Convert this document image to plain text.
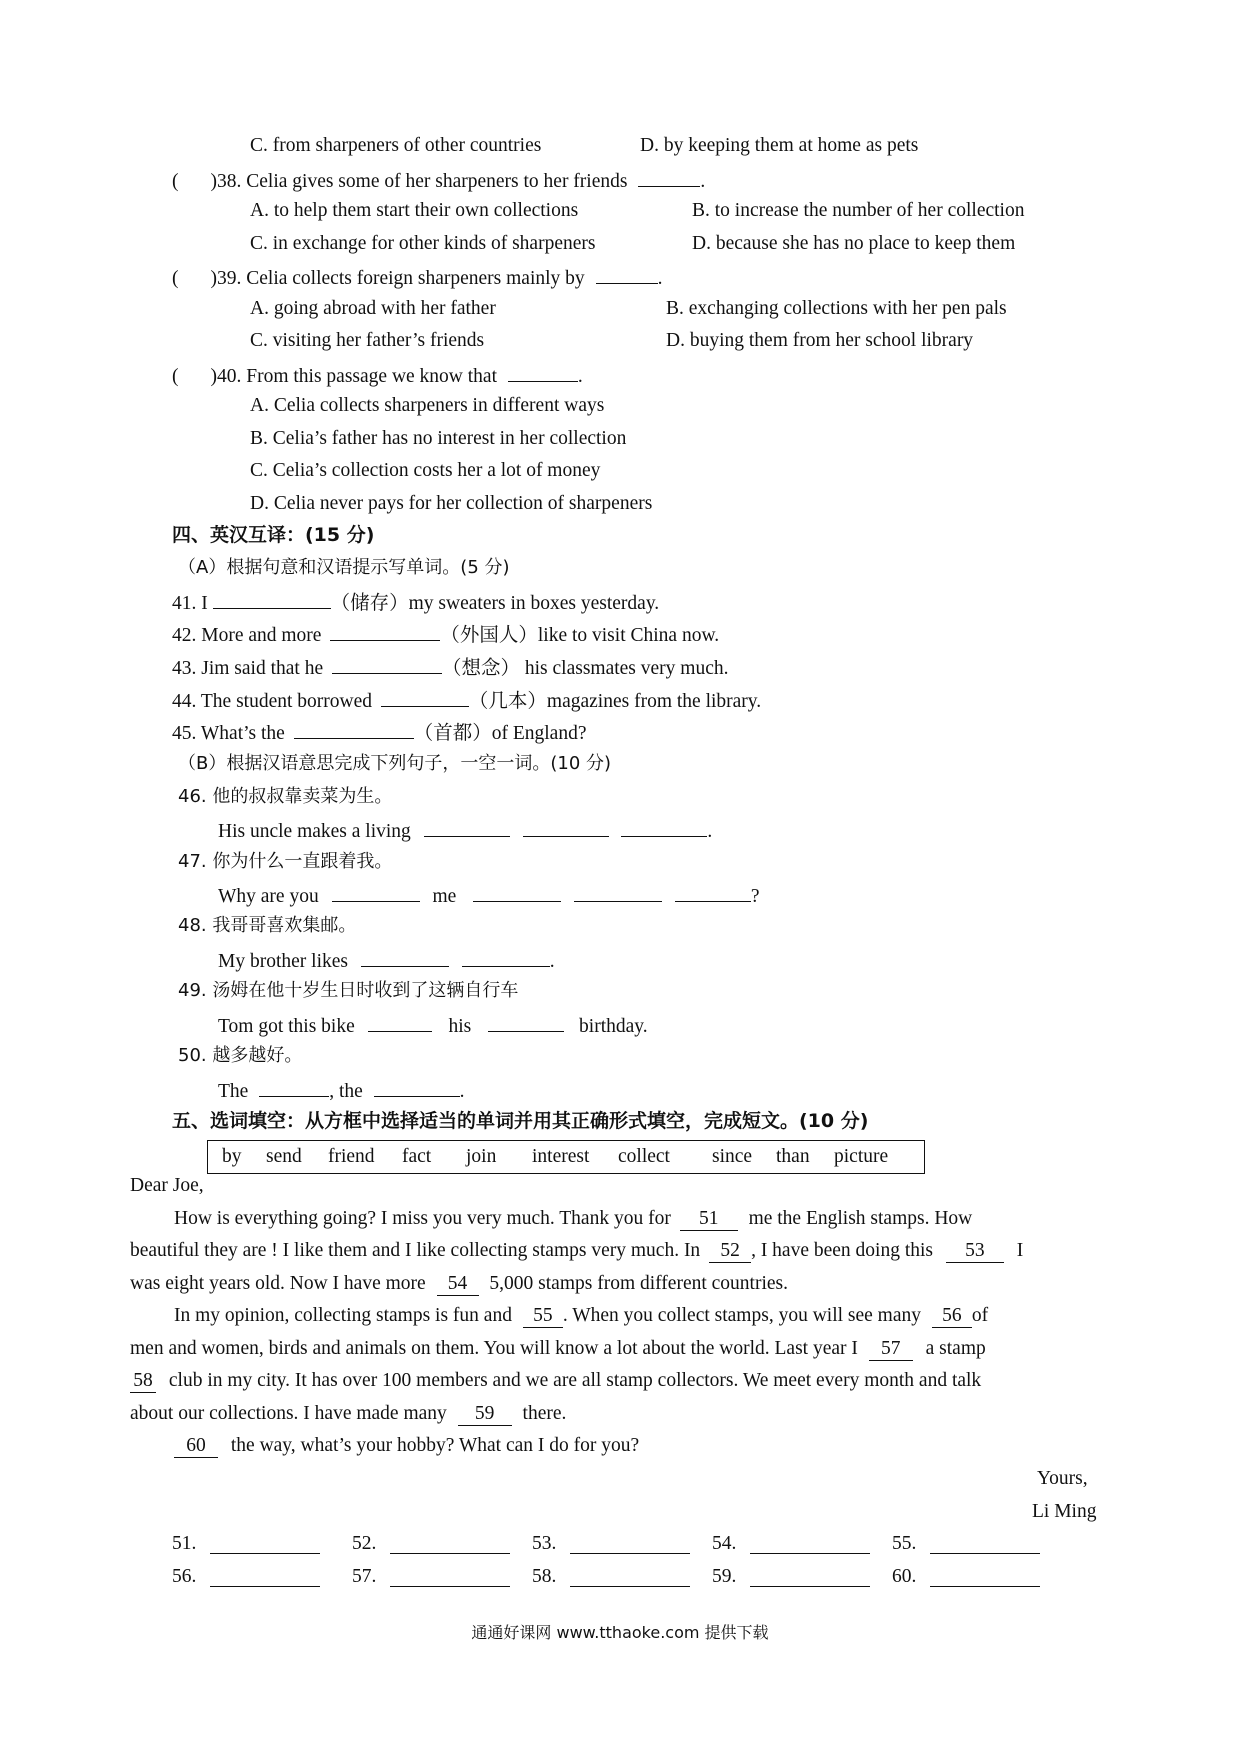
C. from sharpeners of other countries	D. by keeping them at home as pets
( )38. Celia gives some of her sharpeners to her friends	.
A. to help them start their own collections	B. to increase the number of her collection
C. in exchange for other kinds of sharpeners	D. because she has no place to keep them
( )39. Celia collects foreign sharpeners mainly by	.
A. going abroad with her father	B. exchanging collections with her pen pals
C. visiting her father’s friends	D. buying them from her school library
( )40. From this passage we know that	.
A. Celia collects sharpeners in different ways
B. Celia’s father has no interest in her collection
C. Celia’s collection costs her a lot of money
D. Celia never pays for her collection of sharpeners
四、英汉互译：(15 分)
（A）根据句意和汉语提示写单词。(5 分)
41. I	（储存）my sweaters in boxes yesterday.
42. More and more	（外国人）like to visit China now.
43. Jim said that he	（想念） his classmates very much.
44. The student borrowed	（几本）magazines from the library.
45. What’s the	（首都）of England?
（B）根据汉语意思完成下列句子，一空一词。(10 分)
46. 他的叔叔靠卖菜为生。
His uncle makes a living	.
47. 你为什么一直跟着我。
Why are you	me	?
48. 我哥哥喜欢集邮。
My brother likes	.
49. 汤姆在他十岁生日时收到了这辆自行车
Tom got this bike	his	birthday.
50. 越多越好。
The	, the	.
五、选词填空：从方框中选择适当的单词并用其正确形式填空，完成短文。(10 分)
by send friend fact join interest collect since than picture
Dear Joe,
How is everything going? I miss you very much. Thank you for 51 me the English stamps. How
beautiful they are ! I like them and I like collecting stamps very much. In 52 , I have been doing this 53 I
was eight years old. Now I have more 54 5,000 stamps from different countries.
In my opinion, collecting stamps is fun and 55 . When you collect stamps, you will see many 56 of
men and women, birds and animals on them. You will know a lot about the world. Last year I 57 a stamp
58 club in my city. It has over 100 members and we are all stamp collectors. We meet every month and talk
about our collections. I have made many 59 there.
60 the way, what’s your hobby? What can I do for you?
Yours,
Li Ming
51.	52.	53.	54.	55.
56.	57.	58.	59.	60.
通通好课网 www.tthaoke.com 提供下载
